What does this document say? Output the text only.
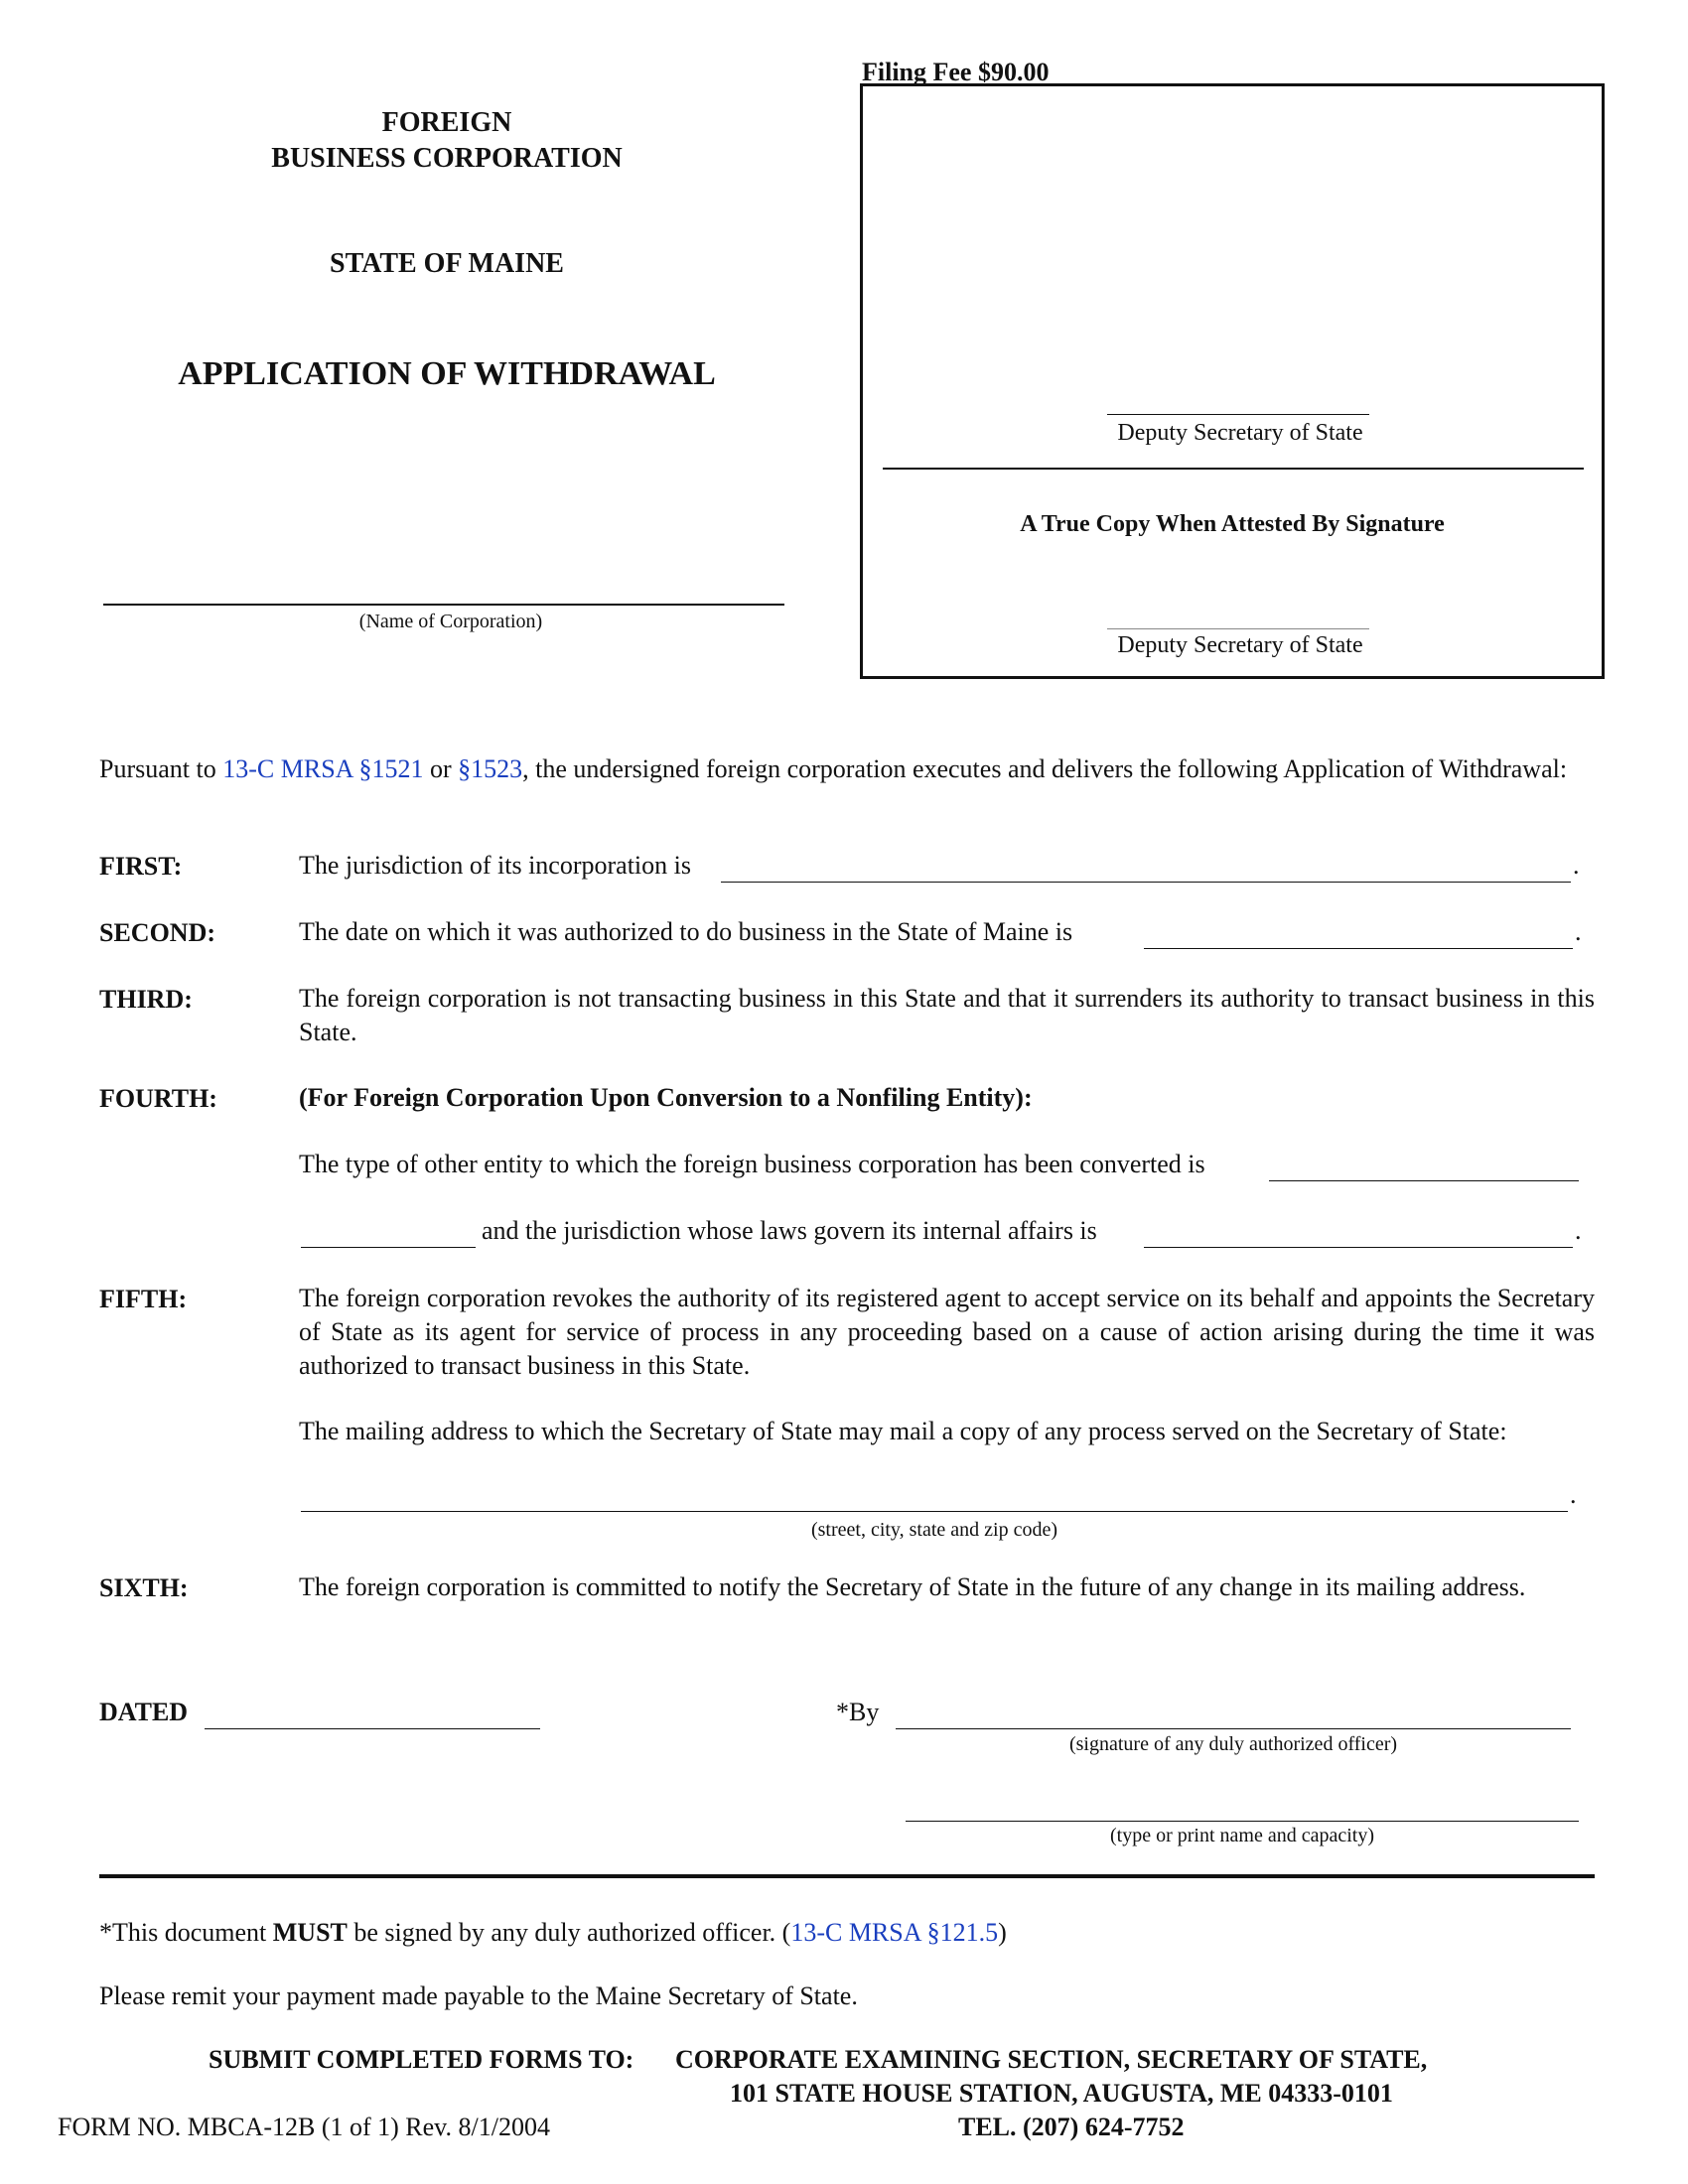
FOREIGN
BUSINESS CORPORATION
STATE OF MAINE
APPLICATION OF WITHDRAWAL
(Name of Corporation)
Filing Fee $90.00
Deputy Secretary of State
A True Copy When Attested By Signature
Deputy Secretary of State
Pursuant to 13-C MRSA §1521 or §1523, the undersigned foreign corporation executes and delivers the following Application of Withdrawal:
FIRST:	The jurisdiction of its incorporation is	.
SECOND:	The date on which it was authorized to do business in the State of Maine is	.
THIRD:	The foreign corporation is not transacting business in this State and that it surrenders its authority to transact business in this State.
FOURTH:	(For Foreign Corporation Upon Conversion to a Nonfiling Entity):
The type of other entity to which the foreign business corporation has been converted is
and the jurisdiction whose laws govern its internal affairs is	.
FIFTH:	The foreign corporation revokes the authority of its registered agent to accept service on its behalf and appoints the Secretary of State as its agent for service of process in any proceeding based on a cause of action arising during the time it was authorized to transact business in this State.
The mailing address to which the Secretary of State may mail a copy of any process served on the Secretary of State:
.
(street, city, state and zip code)
SIXTH:	The foreign corporation is committed to notify the Secretary of State in the future of any change in its mailing address.
DATED	*By
(signature of any duly authorized officer)
(type or print name and capacity)
*This document MUST be signed by any duly authorized officer. (13-C MRSA §121.5)
Please remit your payment made payable to the Maine Secretary of State.
SUBMIT COMPLETED FORMS TO: CORPORATE EXAMINING SECTION, SECRETARY OF STATE,
101 STATE HOUSE STATION, AUGUSTA, ME 04333-0101
FORM NO. MBCA-12B (1 of 1) Rev. 8/1/2004	TEL. (207) 624-7752
